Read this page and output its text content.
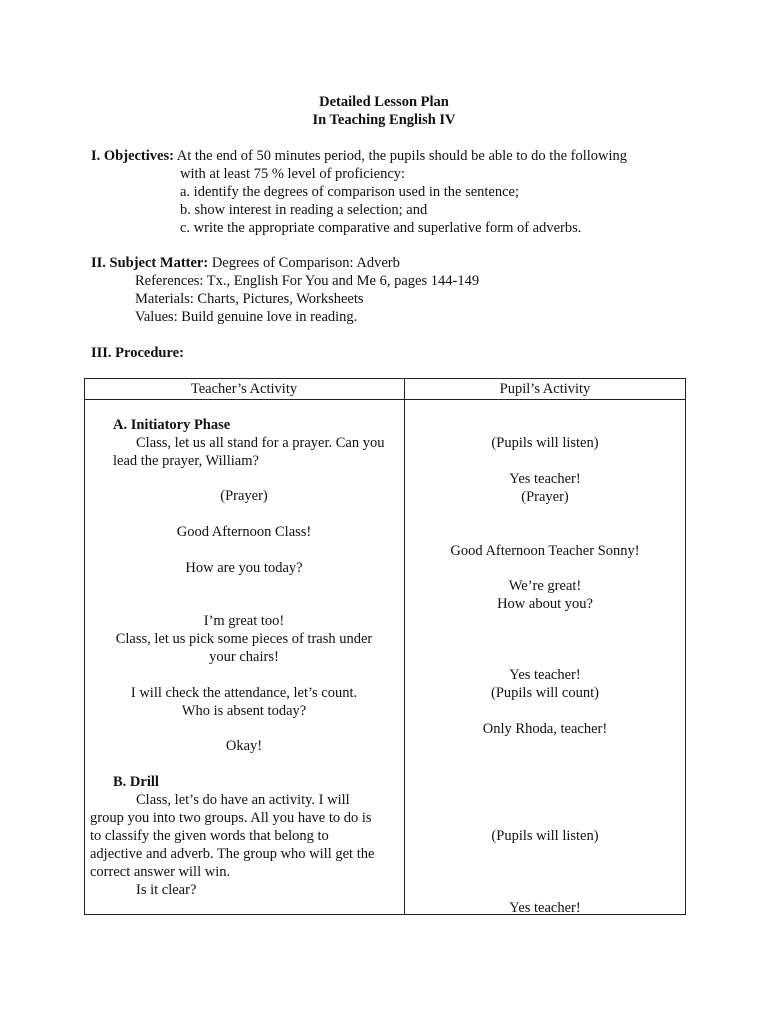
Detailed Lesson Plan
In Teaching English IV
I. Objectives: At the end of 50 minutes period, the pupils should be able to do the following
with at least 75 % level of proficiency:
a. identify the degrees of comparison used in the sentence;
b. show interest in reading a selection; and
c. write the appropriate comparative and superlative form of adverbs.
II. Subject Matter: Degrees of Comparison: Adverb
References: Tx., English For You and Me 6, pages 144-149
Materials: Charts, Pictures, Worksheets
Values: Build genuine love in reading.
III. Procedure:
Teacher’s Activity	Pupil’s Activity
A. Initiatory Phase
Class, let us all stand for a prayer. Can you
lead the prayer, William?
(Prayer)
Good Afternoon Class!
How are you today?
I’m great too!
Class, let us pick some pieces of trash under
your chairs!
I will check the attendance, let’s count.
Who is absent today?
Okay!
B. Drill
Class, let’s do have an activity. I will
group you into two groups. All you have to do is
to classify the given words that belong to
adjective and adverb. The group who will get the
correct answer will win.
Is it clear?
(Pupils will listen)
Yes teacher!
(Prayer)
Good Afternoon Teacher Sonny!
We’re great!
How about you?
Yes teacher!
(Pupils will count)
Only Rhoda, teacher!
(Pupils will listen)
Yes teacher!
